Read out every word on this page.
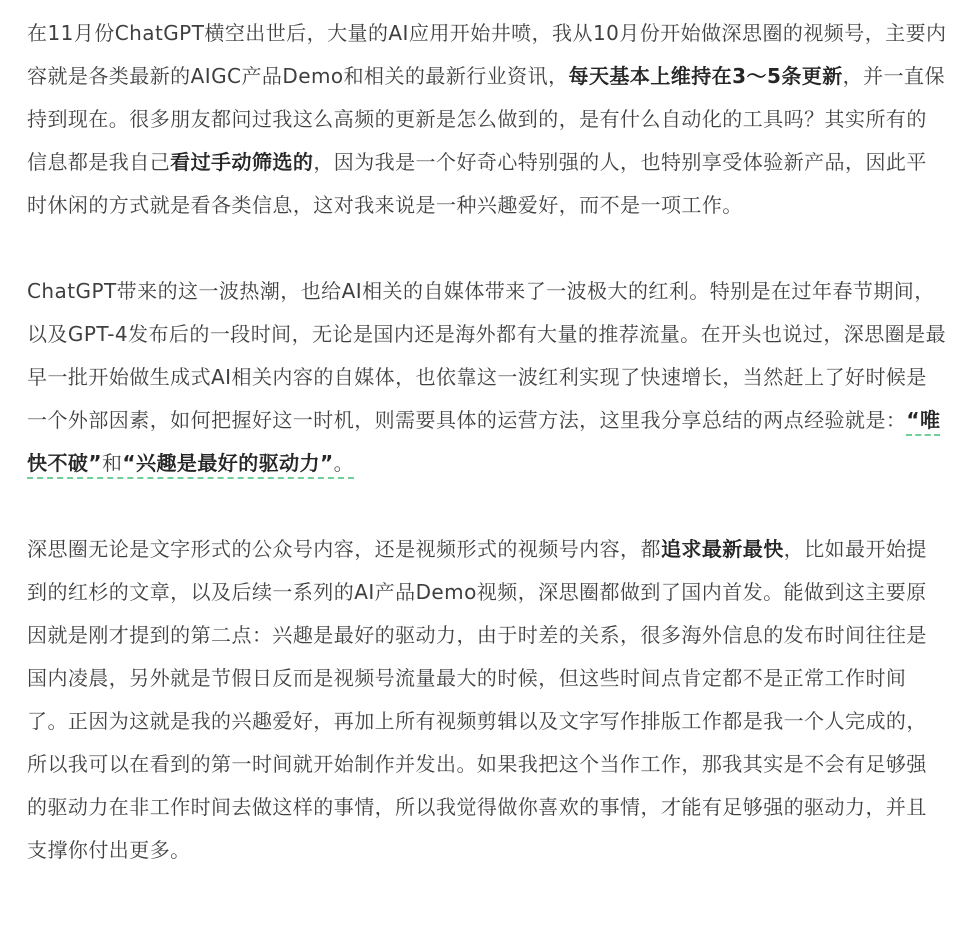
在11月份ChatGPT横空出世后，大量的AI应用开始井喷，我从10月份开始做深思圈的视频号，主要内容就是各类最新的AIGC产品Demo和相关的最新行业资讯，每天基本上维持在3～5条更新，并一直保持到现在。很多朋友都问过我这么高频的更新是怎么做到的，是有什么自动化的工具吗？其实所有的信息都是我自己看过手动筛选的，因为我是一个好奇心特别强的人，也特别享受体验新产品，因此平时休闲的方式就是看各类信息，这对我来说是一种兴趣爱好，而不是一项工作。

ChatGPT带来的这一波热潮，也给AI相关的自媒体带来了一波极大的红利。特别是在过年春节期间，以及GPT-4发布后的一段时间，无论是国内还是海外都有大量的推荐流量。在开头也说过，深思圈是最早一批开始做生成式AI相关内容的自媒体，也依靠这一波红利实现了快速增长，当然赶上了好时候是一个外部因素，如何把握好这一时机，则需要具体的运营方法，这里我分享总结的两点经验就是：“唯快不破”和“兴趣是最好的驱动力”。

深思圈无论是文字形式的公众号内容，还是视频形式的视频号内容，都追求最新最快，比如最开始提到的红杉的文章，以及后续一系列的AI产品Demo视频，深思圈都做到了国内首发。能做到这主要原因就是刚才提到的第二点：兴趣是最好的驱动力，由于时差的关系，很多海外信息的发布时间往往是国内凌晨，另外就是节假日反而是视频号流量最大的时候，但这些时间点肯定都不是正常工作时间了。正因为这就是我的兴趣爱好，再加上所有视频剪辑以及文字写作排版工作都是我一个人完成的，所以我可以在看到的第一时间就开始制作并发出。如果我把这个当作工作，那我其实是不会有足够强的驱动力在非工作时间去做这样的事情，所以我觉得做你喜欢的事情，才能有足够强的驱动力，并且支撑你付出更多。
